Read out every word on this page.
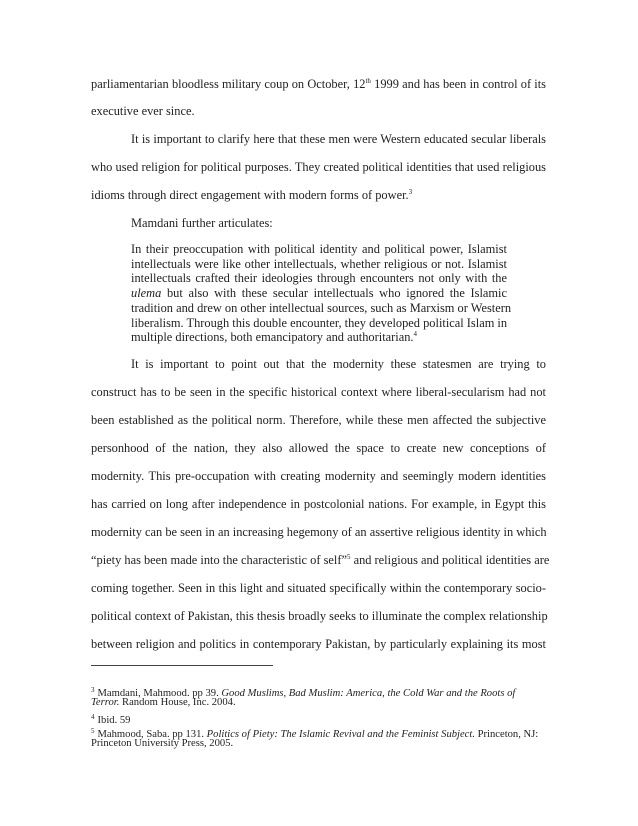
parliamentarian bloodless military coup on October, 12th 1999 and has been in control of its
executive ever since.
It is important to clarify here that these men were Western educated secular liberals
who used religion for political purposes. They created political identities that used religious
idioms through direct engagement with modern forms of power.$^3$
Mamdani further articulates:
In their preoccupation with political identity and political power, Islamist
intellectuals were like other intellectuals, whether religious or not. Islamist
intellectuals crafted their ideologies through encounters not only with the
ulema but also with these secular intellectuals who ignored the Islamic
tradition and drew on other intellectual sources, such as Marxism or Western
liberalism. Through this double encounter, they developed political Islam in
multiple directions, both emancipatory and authoritarian.$^4$
It is important to point out that the modernity these statesmen are trying to
construct has to be seen in the specific historical context where liberal-secularism had not
been established as the political norm. Therefore, while these men affected the subjective
personhood of the nation, they also allowed the space to create new conceptions of
modernity. This pre-occupation with creating modernity and seemingly modern identities
has carried on long after independence in postcolonial nations. For example, in Egypt this
modernity can be seen in an increasing hegemony of an assertive religious identity in which
“piety has been made into the characteristic of self”$^5$ and religious and political identities are
coming together. Seen in this light and situated specifically within the contemporary socio-
political context of Pakistan, this thesis broadly seeks to illuminate the complex relationship
between religion and politics in contemporary Pakistan, by particularly explaining its most
$^3$ Mamdani, Mahmood. pp 39. Good Muslims, Bad Muslim: America, the Cold War and the Roots of
Terror. Random House, Inc. 2004.
$^4$ Ibid. 59
$^5$ Mahmood, Saba. pp 131. Politics of Piety: The Islamic Revival and the Feminist Subject. Princeton, NJ:
Princeton University Press, 2005.
